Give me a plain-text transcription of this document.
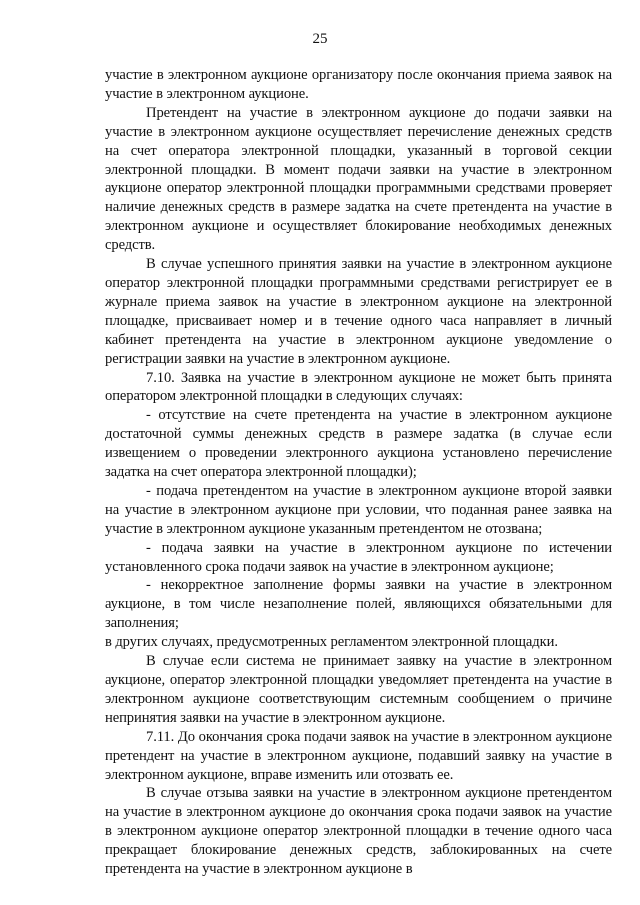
25

участие в электронном аукционе организатору после окончания приема заявок на участие в электронном аукционе.

Претендент на участие в электронном аукционе до подачи заявки на участие в электронном аукционе осуществляет перечисление денежных средств на счет оператора электронной площадки, указанный в торговой секции электронной площадки. В момент подачи заявки на участие в электронном аукционе оператор электронной площадки программными средствами проверяет наличие денежных средств в размере задатка на счете претендента на участие в электронном аукционе и осуществляет блокирование необходимых денежных средств.

В случае успешного принятия заявки на участие в электронном аукционе оператор электронной площадки программными средствами регистрирует ее в журнале приема заявок на участие в электронном аукционе на электронной площадке, присваивает номер и в течение одного часа направляет в личный кабинет претендента на участие в электронном аукционе уведомление о регистрации заявки на участие в электронном аукционе.

7.10. Заявка на участие в электронном аукционе не может быть принята оператором электронной площадки в следующих случаях:

- отсутствие на счете претендента на участие в электронном аукционе достаточной суммы денежных средств в размере задатка (в случае если извещением о проведении электронного аукциона установлено перечисление задатка на счет оператора электронной площадки);

- подача претендентом на участие в электронном аукционе второй заявки на участие в электронном аукционе при условии, что поданная ранее заявка на участие в электронном аукционе указанным претендентом не отозвана;

- подача заявки на участие в электронном аукционе по истечении установленного срока подачи заявок на участие в электронном аукционе;

- некорректное заполнение формы заявки на участие в электронном аукционе, в том числе незаполнение полей, являющихся обязательными для заполнения;

в других случаях, предусмотренных регламентом электронной площадки.

В случае если система не принимает заявку на участие в электронном аукционе, оператор электронной площадки уведомляет претендента на участие в электронном аукционе соответствующим системным сообщением о причине непринятия заявки на участие в электронном аукционе.

7.11. До окончания срока подачи заявок на участие в электронном аукционе претендент на участие в электронном аукционе, подавший заявку на участие в электронном аукционе, вправе изменить или отозвать ее.

В случае отзыва заявки на участие в электронном аукционе претендентом на участие в электронном аукционе до окончания срока подачи заявок на участие в электронном аукционе оператор электронной площадки в течение одного часа прекращает блокирование денежных средств, заблокированных на счете претендента на участие в электронном аукционе в
